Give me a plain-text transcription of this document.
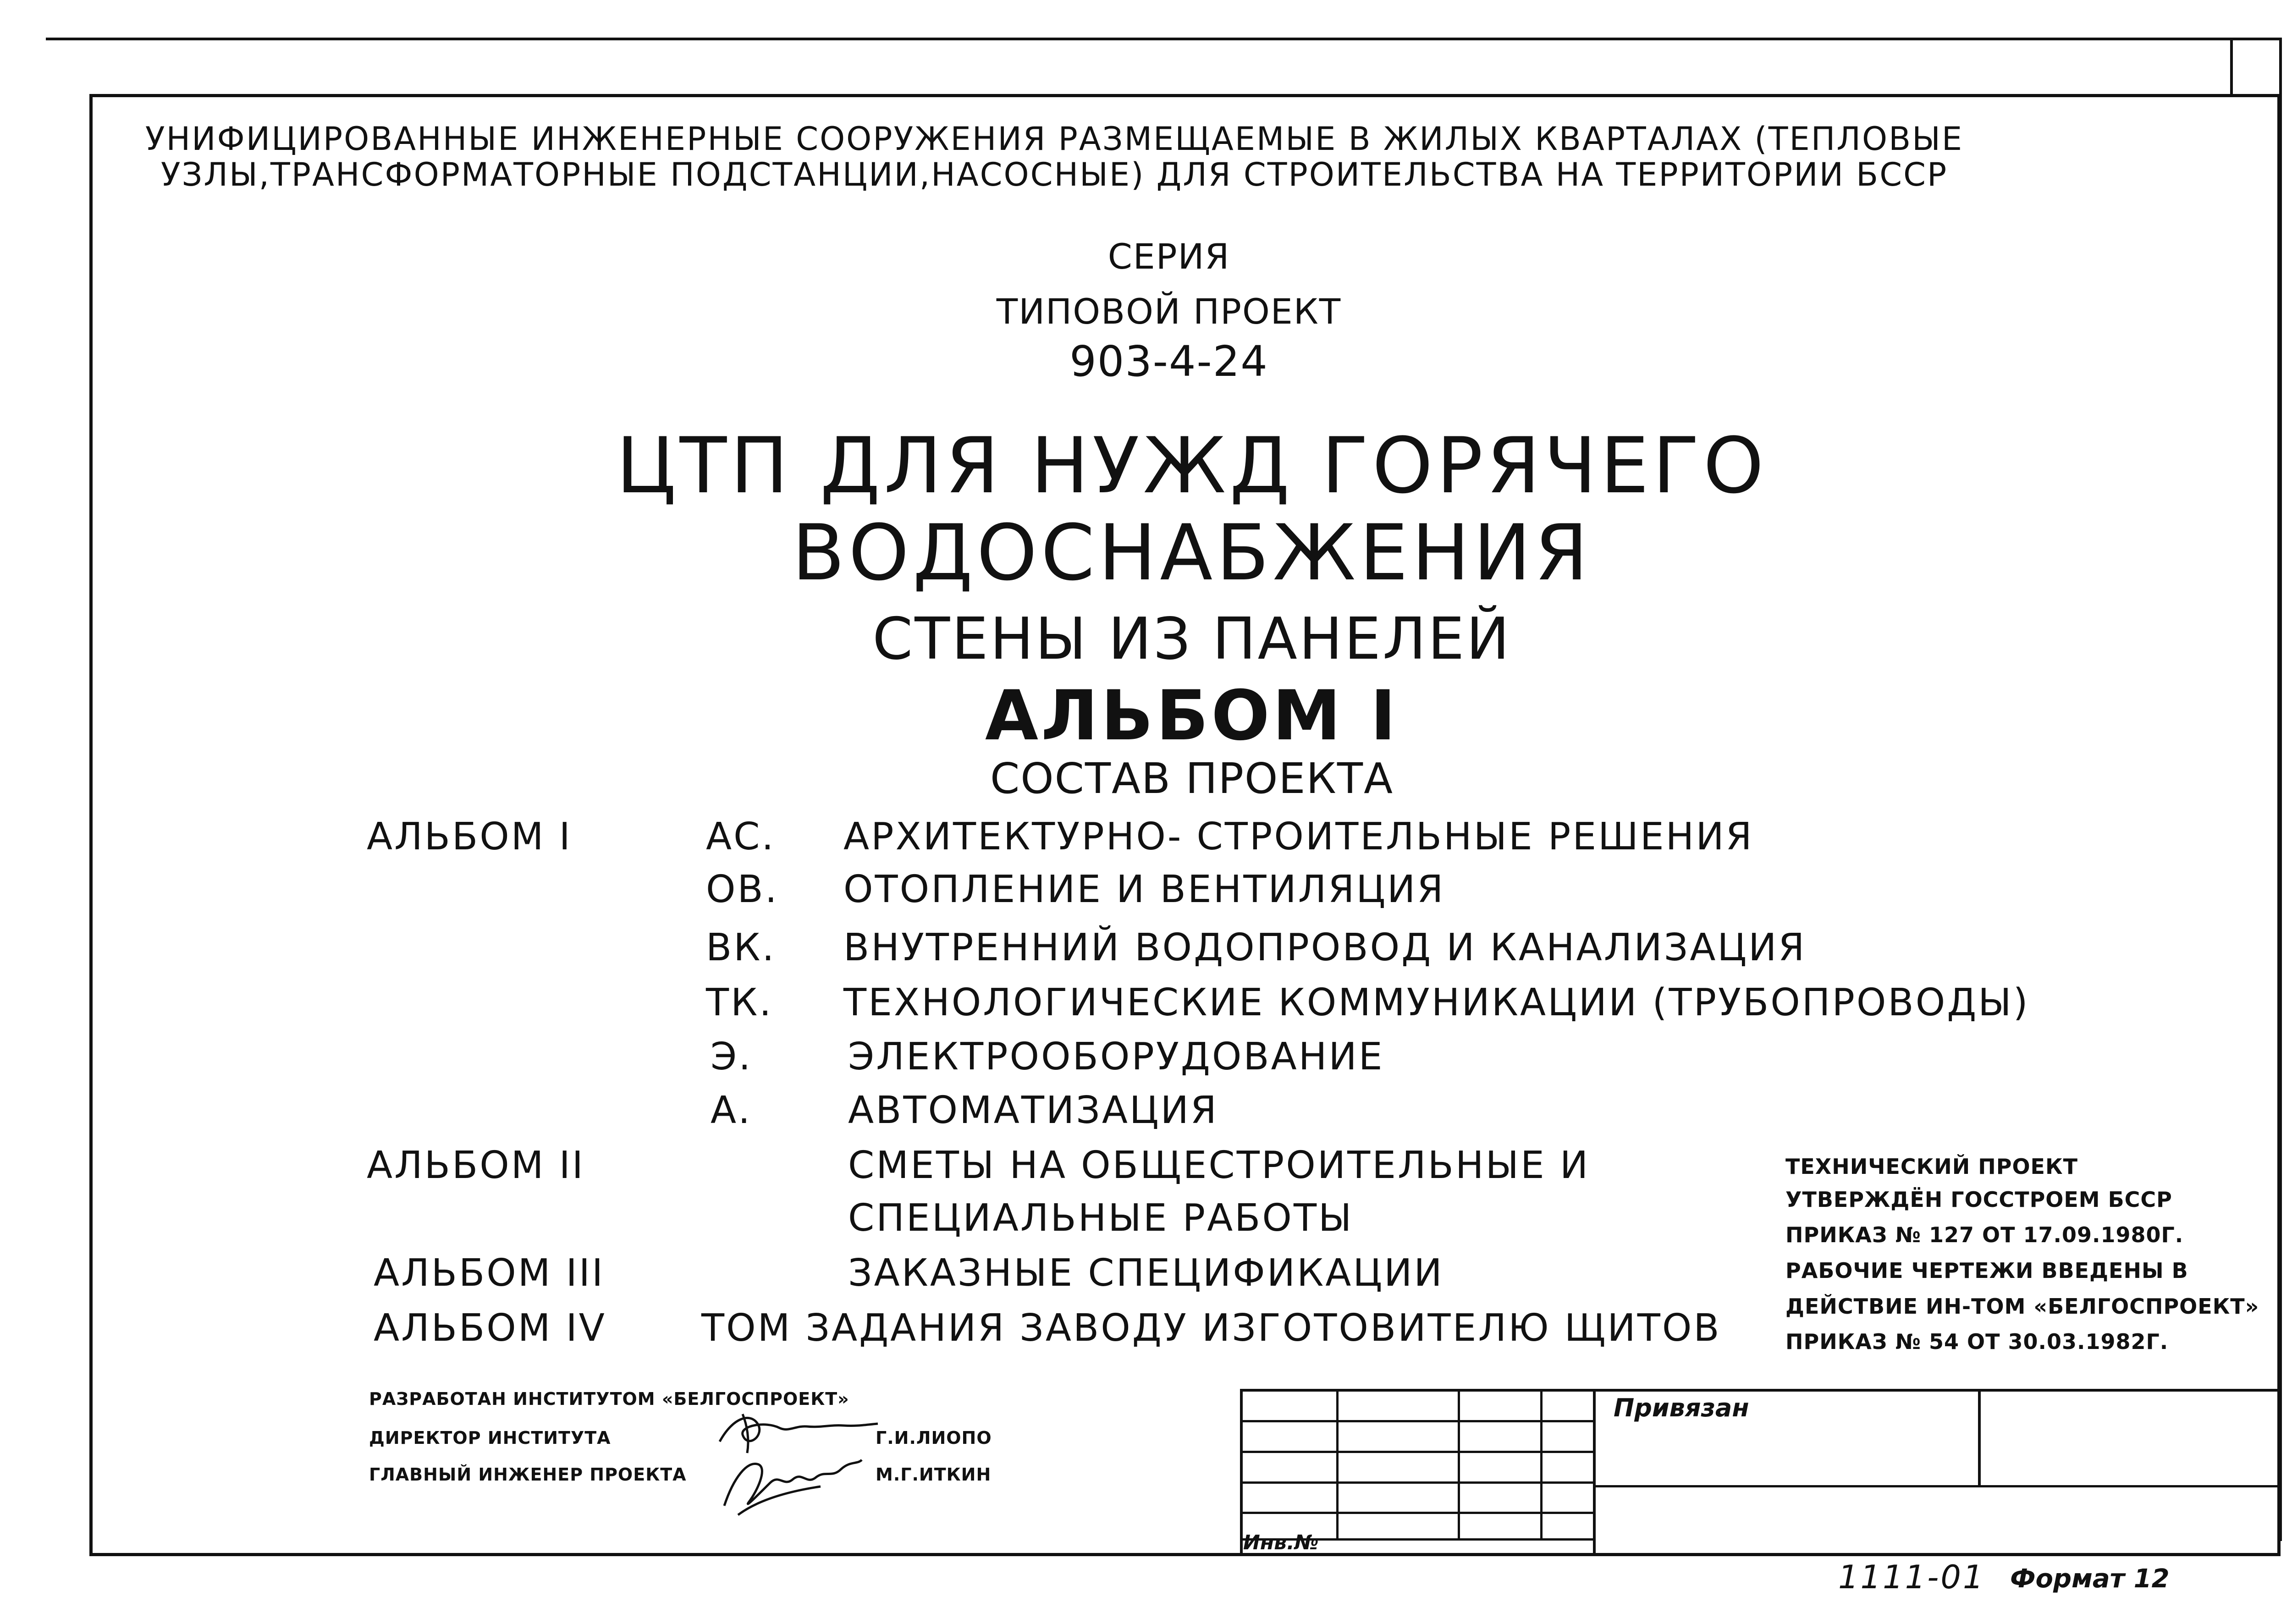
УНИФИЦИРОВАННЫЕ ИНЖЕНЕРНЫЕ СООРУЖЕНИЯ РАЗМЕЩАЕМЫЕ В ЖИЛЫХ КВАРТАЛАХ (ТЕПЛОВЫЕ
УЗЛЫ,ТРАНСФОРМАТОРНЫЕ ПОДСТАНЦИИ,НАСОСНЫЕ) ДЛЯ СТРОИТЕЛЬСТВА НА ТЕРРИТОРИИ БССР
СЕРИЯ
ТИПОВОЙ ПРОЕКТ
903-4-24
ЦТП ДЛЯ НУЖД ГОРЯЧЕГО
ВОДОСНАБЖЕНИЯ
СТЕНЫ ИЗ ПАНЕЛЕЙ
АЛЬБОМ I
СОСТАВ ПРОЕКТА
АЛЬБОМ I	АС. АРХИТЕКТУРНО- СТРОИТЕЛЬНЫЕ РЕШЕНИЯ
ОВ. ОТОПЛЕНИЕ И ВЕНТИЛЯЦИЯ
ВК. ВНУТРЕННИЙ ВОДОПРОВОД И КАНАЛИЗАЦИЯ
ТК. ТЕХНОЛОГИЧЕСКИЕ КОММУНИКАЦИИ (ТРУБОПРОВОДЫ)
Э.	ЭЛЕКТРООБОРУДОВАНИЕ
А.	АВТОМАТИЗАЦИЯ
АЛЬБОМ II	СМЕТЫ НА ОБЩЕСТРОИТЕЛЬНЫЕ И
СПЕЦИАЛЬНЫЕ РАБОТЫ
АЛЬБОМ III	ЗАКАЗНЫЕ СПЕЦИФИКАЦИИ
АЛЬБОМ IV	ТОМ ЗАДАНИЯ ЗАВОДУ ИЗГОТОВИТЕЛЮ ЩИТОВ
ТЕХНИЧЕСКИЙ ПРОЕКТ
УТВЕРЖДЁН ГОССТРОЕМ БССР
ПРИКАЗ № 127 ОТ 17.09.1980Г.
РАБОЧИЕ ЧЕРТЕЖИ ВВЕДЕНЫ В
ДЕЙСТВИЕ ИН-ТОМ «БЕЛГОСПРОЕКТ»
ПРИКАЗ № 54 ОТ 30.03.1982Г.
РАЗРАБОТАН ИНСТИТУТОМ «БЕЛГОСПРОЕКТ»
ДИРЕКТОР ИНСТИТУТА	Г.И.ЛИОПО
ГЛАВНЫЙ ИНЖЕНЕР ПРОЕКТА	М.Г.ИТКИН
Привязан
Инв.№
1111-01 Формат 12
